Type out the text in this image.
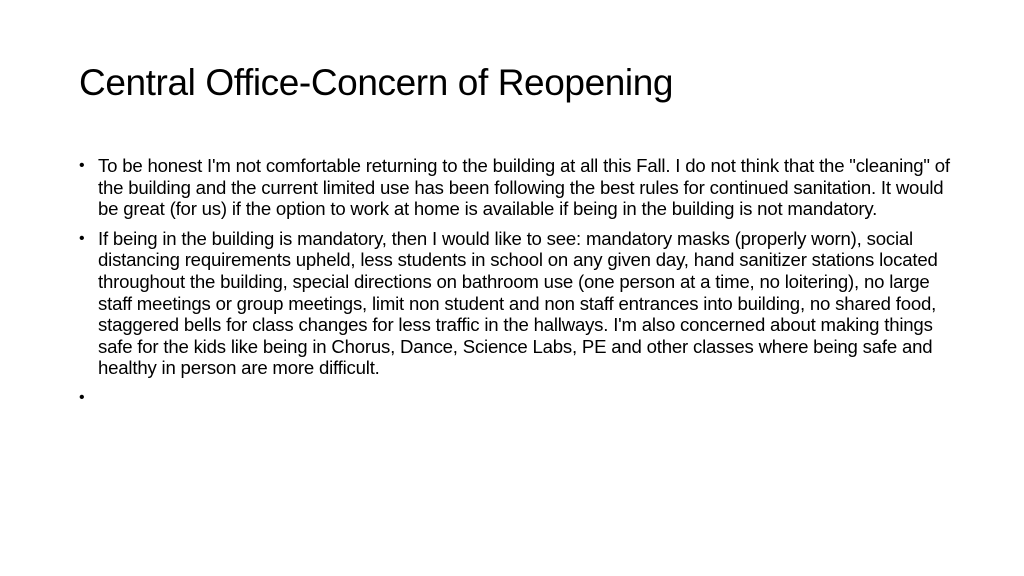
Central Office-Concern of Reopening
• To be honest I'm not comfortable returning to the building at all this Fall. I do not think that the "cleaning" of the building and the current limited use has been following the best rules for continued sanitation. It would be great (for us) if the option to work at home is available if being in the building is not mandatory.
• If being in the building is mandatory, then I would like to see: mandatory masks (properly worn), social distancing requirements upheld, less students in school on any given day, hand sanitizer stations located throughout the building, special directions on bathroom use (one person at a time, no loitering), no large staff meetings or group meetings, limit non student and non staff entrances into building, no shared food, staggered bells for class changes for less traffic in the hallways. I'm also concerned about making things safe for the kids like being in Chorus, Dance, Science Labs, PE and other classes where being safe and healthy in person are more difficult.
•
